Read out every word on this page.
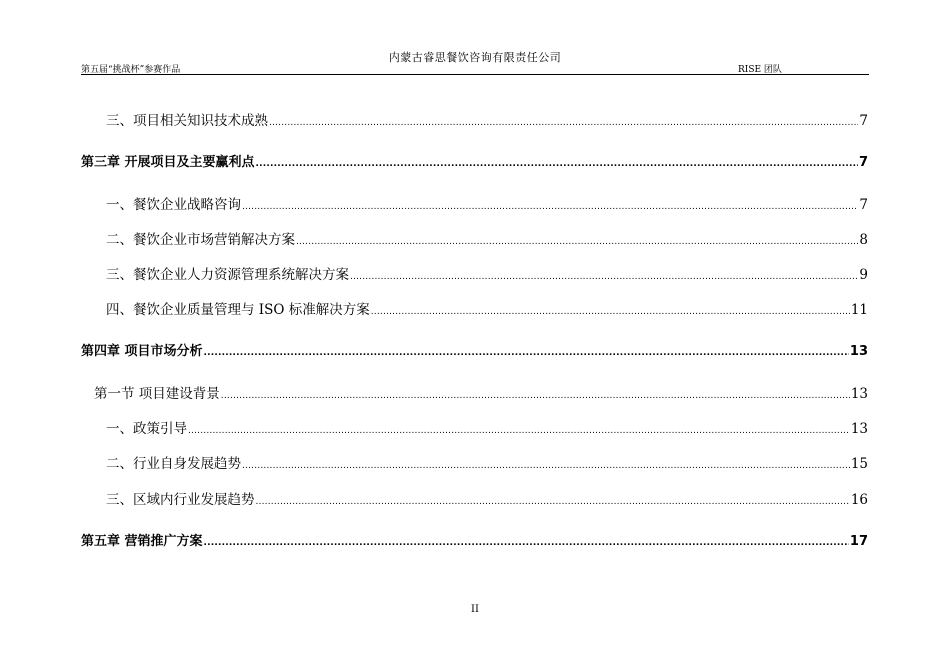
内蒙古睿思餐饮咨询有限责任公司
第五届“挑战杯”参赛作品	RISE 团队
三、项目相关知识技术成熟 .....	7
第三章 开展项目及主要赢利点 .....	7
一、餐饮企业战略咨询 .....	7
二、餐饮企业市场营销解决方案 .....	8
三、餐饮企业人力资源管理系统解决方案 .....	9
四、餐饮企业质量管理与 ISO 标准解决方案 .....	11
第四章 项目市场分析 .....	13
第一节 项目建设背景 .....	13
一、政策引导 .....	13
二、行业自身发展趋势 .....	15
三、区域内行业发展趋势 .....	16
第五章 营销推广方案 .....	17
II
